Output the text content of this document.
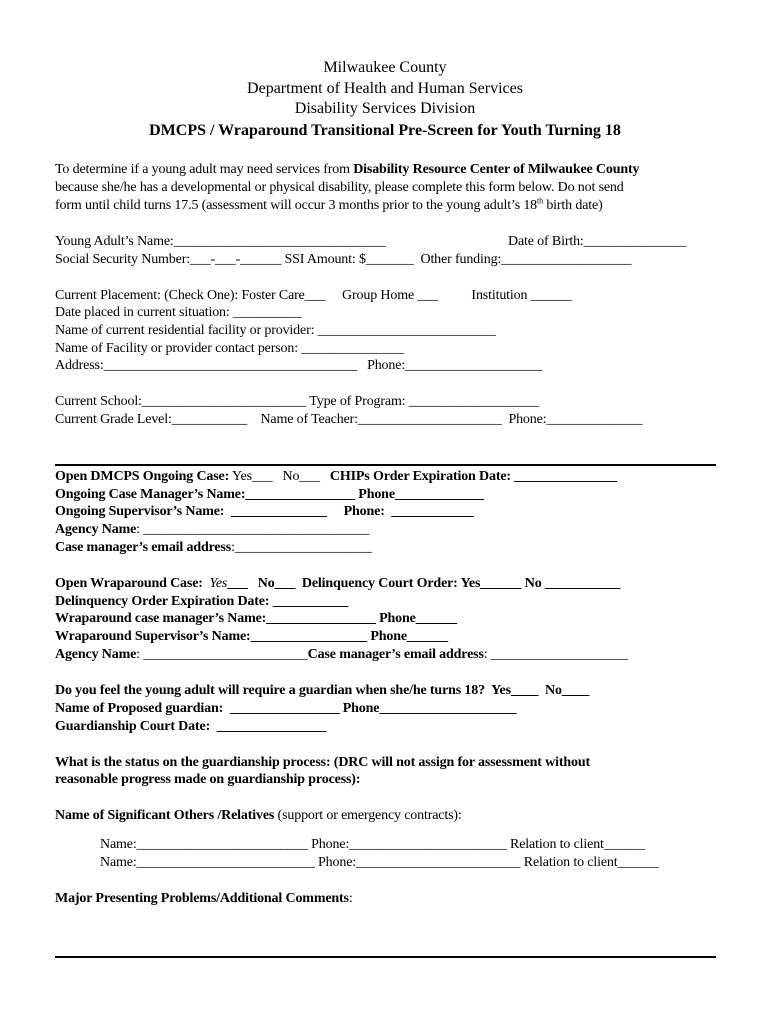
Milwaukee County
Department of Health and Human Services
Disability Services Division
DMCPS / Wraparound Transitional Pre-Screen for Youth Turning 18
To determine if a young adult may need services from Disability Resource Center of Milwaukee County
because she/he has a developmental or physical disability, please complete this form below. Do not send
form until child turns 17.5 (assessment will occur 3 months prior to the young adult’s 18th birth date)
Young Adult’s Name:_______________________________	Date of Birth:_______________
Social Security Number:___-___-______ SSI Amount: $_______  Other funding:___________________
Current Placement: (Check One): Foster Care___     Group Home ___          Institution ______
Date placed in current situation: __________
Name of current residential facility or provider: __________________________
Name of Facility or provider contact person: _______________
Address:_____________________________________   Phone:____________________
Current School:________________________ Type of Program: ___________________
Current Grade Level:___________    Name of Teacher:_____________________  Phone:______________
Open DMCPS Ongoing Case: Yes___   No___   CHIPs Order Expiration Date: _______________
Ongoing Case Manager’s Name:________________ Phone_____________
Ongoing Supervisor’s Name:  ______________     Phone:  ____________
Agency Name: _________________________________
Case manager’s email address:____________________
Open Wraparound Case:  Yes___   No___  Delinquency Court Order: Yes______ No ___________
Delinquency Order Expiration Date: ___________
Wraparound case manager’s Name:________________ Phone______
Wraparound Supervisor’s Name:_________________ Phone______
Agency Name: ________________________Case manager’s email address: ____________________
Do you feel the young adult will require a guardian when she/he turns 18?  Yes____  No____
Name of Proposed guardian:  ________________ Phone____________________
Guardianship Court Date:  ________________
What is the status on the guardianship process: (DRC will not assign for assessment without
reasonable progress made on guardianship process):
Name of Significant Others /Relatives (support or emergency contracts):
Name:_________________________ Phone:_______________________ Relation to client______
Name:__________________________ Phone:________________________ Relation to client______
Major Presenting Problems/Additional Comments:
